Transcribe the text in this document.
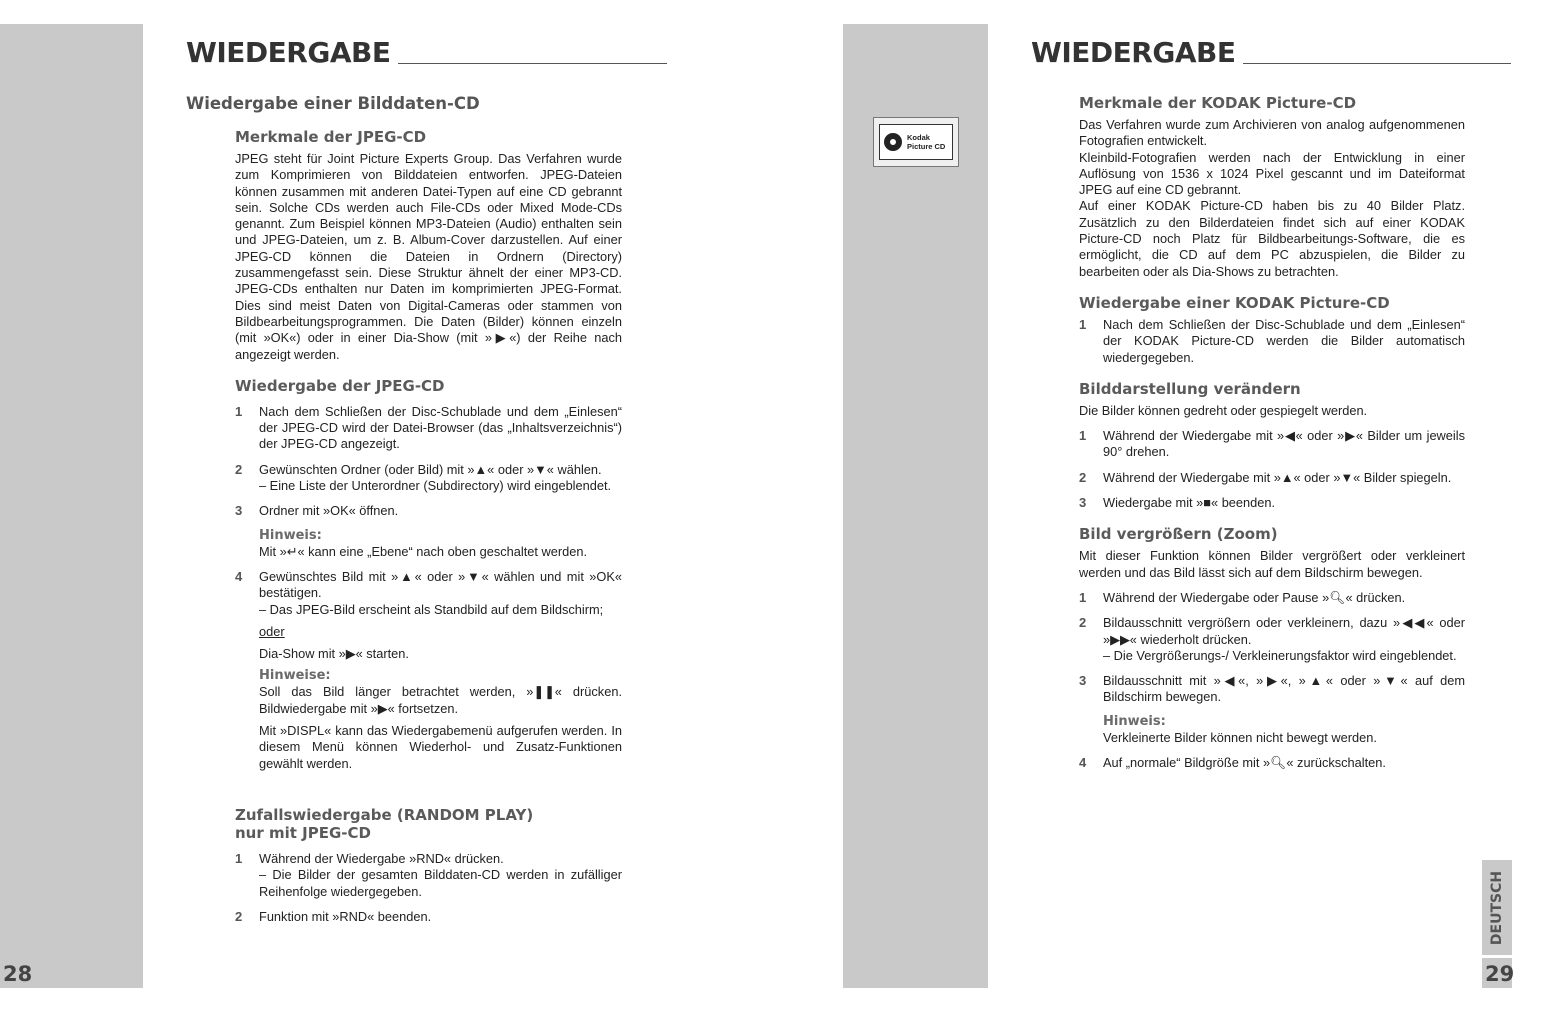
28
WIEDERGABE
Wiedergabe einer Bilddaten-CD
Merkmale der JPEG-CD

JPEG steht für Joint Picture Experts Group. Das Verfahren wurde zum Komprimieren von Bilddateien entworfen. JPEG-Dateien können zusammen mit anderen Datei-Typen auf eine CD gebrannt sein. Solche CDs werden auch File-CDs oder Mixed Mode-CDs genannt. Zum Beispiel können MP3-Dateien (Audio) enthalten sein und JPEG-Dateien, um z. B. Album-Cover darzustellen. Auf einer JPEG-CD können die Dateien in Ordnern (Directory) zusammengefasst sein. Diese Struktur ähnelt der einer MP3-CD. JPEG-CDs enthalten nur Daten im komprimierten JPEG-Format. Dies sind meist Daten von Digital-Cameras oder stammen von Bildbearbeitungsprogrammen. Die Daten (Bilder) können einzeln (mit »OK«) oder in einer Dia-Show (mit »▶«) der Reihe nach angezeigt werden.

Wiedergabe der JPEG-CD
1	Nach dem Schließen der Disc-Schublade und dem „Einlesen“ der JPEG-CD wird der Datei-Browser (das „Inhaltsverzeichnis“) der JPEG-CD angezeigt.

2	Gewünschten Ordner (oder Bild) mit »▲« oder »▼« wählen.

– Eine Liste der Unterordner (Subdirectory) wird eingeblendet.

3	Ordner mit »OK« öffnen.

Hinweis:

Mit »↵« kann eine „Ebene“ nach oben geschaltet werden.

4	Gewünschtes Bild mit »▲« oder »▼« wählen und mit »OK« bestätigen.

– Das JPEG-Bild erscheint als Standbild auf dem Bildschirm;

oder

Dia-Show mit »▶« starten.

Hinweise:

Soll das Bild länger betrachtet werden, »❚❚« drücken. Bildwiedergabe mit »▶« fortsetzen.

Mit »DISPL« kann das Wiedergabemenü aufgerufen werden. In diesem Menü können Wiederhol- und Zusatz-Funktionen gewählt werden.

Zufallswiedergabe (RANDOM PLAY)
nur mit JPEG-CD
1	Während der Wiedergabe »RND« drücken.

– Die Bilder der gesamten Bilddaten-CD werden in zufälliger Reihenfolge wiedergegeben.

2	Funktion mit »RND« beenden.

Kodak
Picture CD
WIEDERGABE
Merkmale der KODAK Picture-CD

Das Verfahren wurde zum Archivieren von analog aufgenommenen Fotografien entwickelt.

Kleinbild-Fotografien werden nach der Entwicklung in einer Auflösung von 1536 x 1024 Pixel gescannt und im Dateiformat JPEG auf eine CD gebrannt.

Auf einer KODAK Picture-CD haben bis zu 40 Bilder Platz. Zusätzlich zu den Bilderdateien findet sich auf einer KODAK Picture-CD noch Platz für Bildbearbeitungs-Software, die es ermöglicht, die CD auf dem PC abzuspielen, die Bilder zu bearbeiten oder als Dia-Shows zu betrachten.

Wiedergabe einer KODAK Picture-CD
1	Nach dem Schließen der Disc-Schublade und dem „Einlesen“ der KODAK Picture-CD werden die Bilder automatisch wiedergegeben.

Bilddarstellung verändern

Die Bilder können gedreht oder gespiegelt werden.

1	Während der Wiedergabe mit »◀« oder »▶« Bilder um jeweils 90° drehen.

2	Während der Wiedergabe mit »▲« oder »▼« Bilder spiegeln.

3	Wiedergabe mit »■« beenden.

Bild vergrößern (Zoom)

Mit dieser Funktion können Bilder vergrößert oder verkleinert werden und das Bild lässt sich auf dem Bildschirm bewegen.

1	Während der Wiedergabe oder Pause »🔍︎« drücken.

2	Bildausschnitt vergrößern oder verkleinern, dazu »◀◀« oder »▶▶« wiederholt drücken.

– Die Vergrößerungs-/ Verkleinerungsfaktor wird eingeblendet.

3	Bildausschnitt mit »◀«, »▶«, »▲« oder »▼« auf dem Bildschirm bewegen.

Hinweis:

Verkleinerte Bilder können nicht bewegt werden.

4	Auf „normale“ Bildgröße mit »🔍︎« zurückschalten.

DEUTSCH
29
